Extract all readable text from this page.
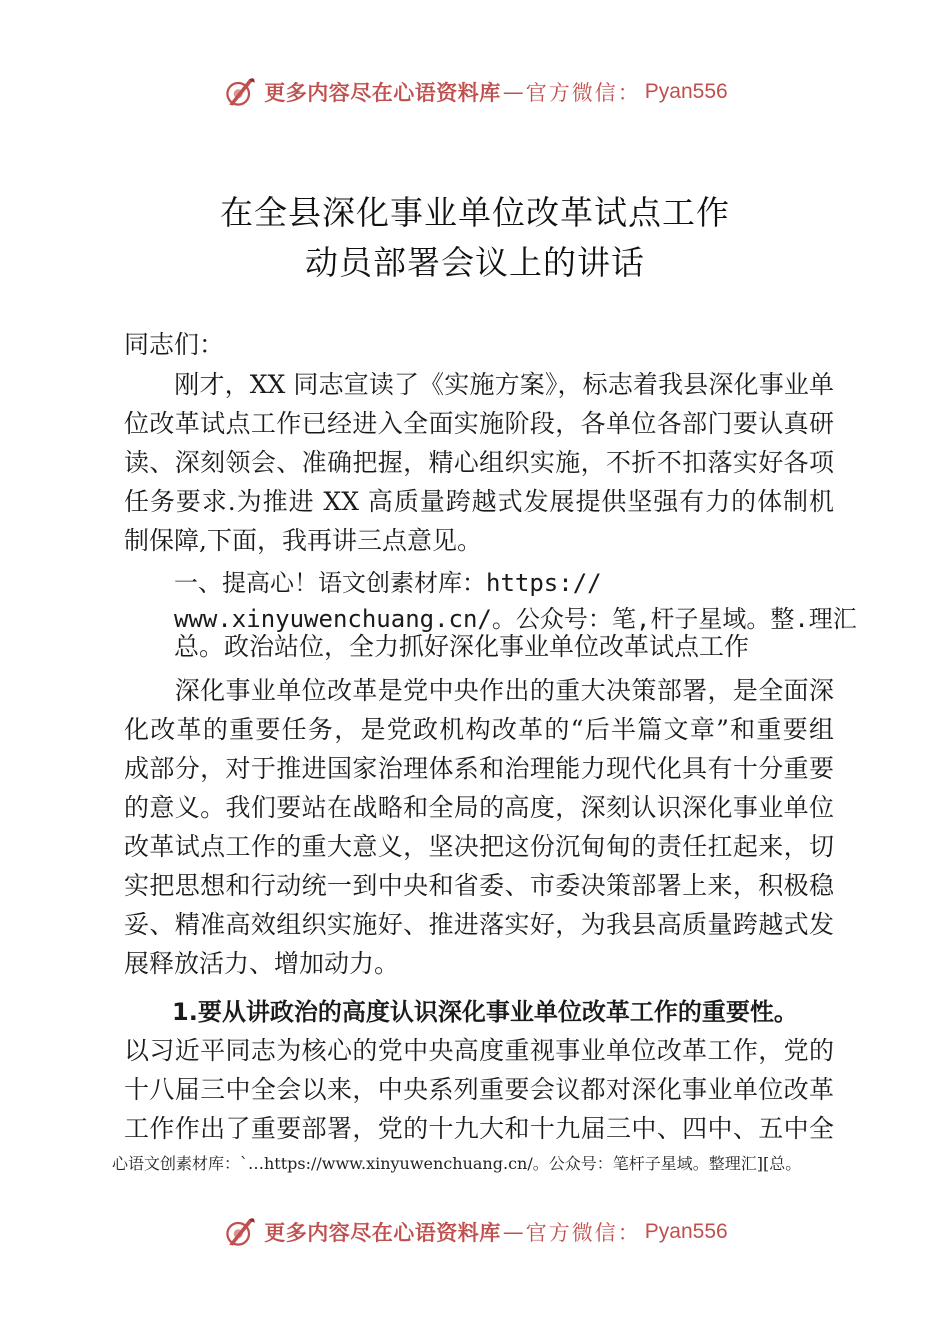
更多内容尽在心语资料库 — 官方微信： Pyan556
在全县深化事业单位改革试点工作
动员部署会议上的讲话
同志们：
　　刚才，XX 同志宣读了《实施方案》，标志着我县深化事业单
位改革试点工作已经进入全面实施阶段，各单位各部门要认真研
读、深刻领会、准确把握，精心组织实施，不折不扣落实好各项
任务要求.为推进 XX 高质量跨越式发展提供坚强有力的体制机
制保障,下面，我再讲三点意见。
一、提高心！语文创素材库：https://
www.xinyuwenchuang.cn/。公众号：笔,杆子星域。整.理汇
总。政治站位，全力抓好深化事业单位改革试点工作
　　深化事业单位改革是党中央作出的重大决策部署，是全面深
化改革的重要任务，是党政机构改革的“后半篇文章”和重要组
成部分，对于推进国家治理体系和治理能力现代化具有十分重要
的意义。我们要站在战略和全局的高度，深刻认识深化事业单位
改革试点工作的重大意义，坚决把这份沉甸甸的责任扛起来，切
实把思想和行动统一到中央和省委、市委决策部署上来，积极稳
妥、精准高效组织实施好、推进落实好，为我县高质量跨越式发
展释放活力、增加动力。
1.要从讲政治的高度认识深化事业单位改革工作的重要性。
以习近平同志为核心的党中央高度重视事业单位改革工作，党的
十八届三中全会以来，中央系列重要会议都对深化事业单位改革
工作作出了重要部署，党的十九大和十九届三中、四中、五中全
心语文创素材库：`…https://www.xinyuwenchuang.cn/。公众号：笔杆子星域。整理汇][总。
更多内容尽在心语资料库 — 官方微信： Pyan556
